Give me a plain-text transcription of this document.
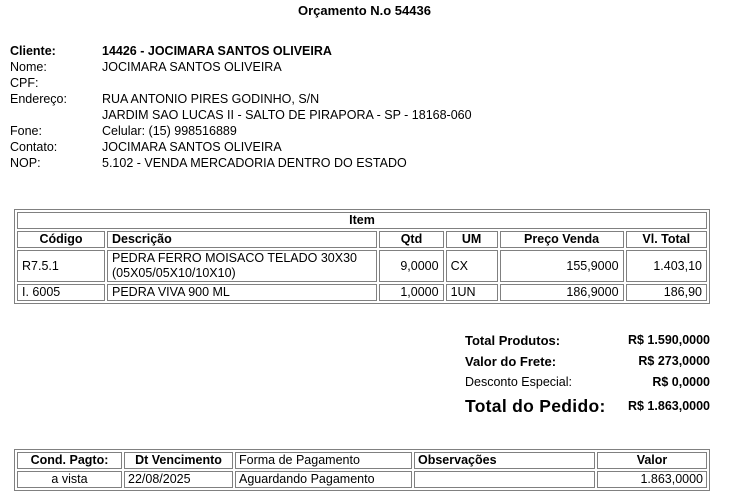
Orçamento N.o 54436
Cliente:	14426 - JOCIMARA SANTOS OLIVEIRA
Nome:	JOCIMARA SANTOS OLIVEIRA
CPF:
Endereço:	RUA ANTONIO PIRES GODINHO, S/N
JARDIM SAO LUCAS II - SALTO DE PIRAPORA - SP - 18168-060
Fone:	Celular: (15) 998516889
Contato:	JOCIMARA SANTOS OLIVEIRA
NOP:	5.102 - VENDA MERCADORIA DENTRO DO ESTADO
Item					
Código	Descrição	Qtd	UM	Preço Venda	Vl. Total
R7.5.1	PEDRA FERRO MOISACO TELADO 30X30
(05X05/05X10/10X10)	9,0000	CX	155,9000	1.403,10
I. 6005	PEDRA VIVA 900 ML	1,0000	1UN	186,9000	186,90
Total Produtos:	R$ 1.590,0000
Valor do Frete:	R$ 273,0000
Desconto Especial:	R$ 0,0000
Total do Pedido: R$ 1.863,0000
Cond. Pagto:	Dt Vencimento	Forma de Pagamento	Observações	Valor
a vista	22/08/2025	Aguardando Pagamento		1.863,0000
